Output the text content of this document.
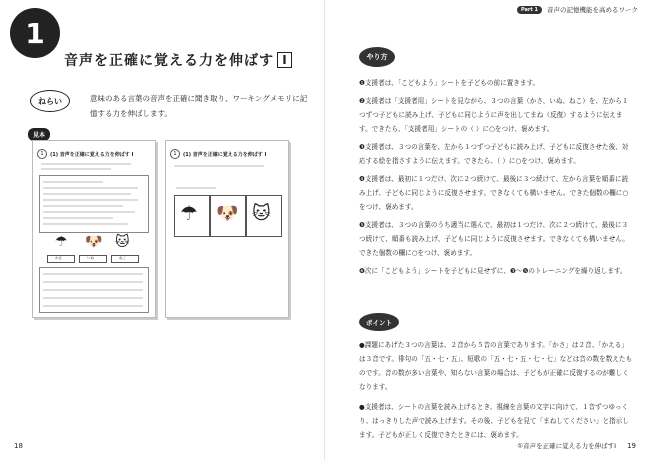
1
音声を正確に覚える力を伸ばす I
ねらい	意味のある言葉の音声を正確に聞き取り、ワーキングメモリに記憶する力を伸ばします。
見本
1	(1) 音声を正確に覚える力を伸ばす I
☂ 🐶 🐱
かさ	いぬ	ねこ
1	(1) 音声を正確に覚える力を伸ばす I
☂ 🐶 🐱
18
Part 1	音声の記憶機能を高めるワーク
やり方
❶支援者は、「こどもよう」シートを子どもの前に置きます。
❷支援者は「支援者用」シートを見ながら、３つの言葉（かさ、いぬ、ねこ）を、左から１つずつ子どもに読み上げ、子どもに同じように声を出してまね（反復）するように伝えます。できたら、「支援者用」シートの（ ）に○をつけ、褒めます。
❸支援者は、３つの言葉を、左から１つずつ子どもに読み上げ、子どもに反復させた後、対応する絵を指さすように伝えます。できたら、（ ）に○をつけ、褒めます。
❹支援者は、最初に１つだけ、次に２つ続けて、最後に３つ続けて、左から言葉を順番に読み上げ、子どもに同じように反復させます。できなくても構いません。できた個数の欄に○をつけ、褒めます。
❺支援者は、３つの言葉のうち適当に選んで、最初は１つだけ、次に２つ続けて、最後に３つ続けて、順番も読み上げ、子どもに同じように反復させます。できなくても構いません。できた個数の欄に○をつけ、褒めます。
❻次に「こどもよう」シートを子どもに見せずに、❸〜❺のトレーニングを繰り返します。
ポイント
●課題にあげた３つの言葉は、２音から５音の言葉であります。「かさ」は２音、「かえる」は３音です。俳句の「五・七・五」、短歌の「五・七・五・七・七」などは音の数を数えたものです。音の数が多い言葉や、知らない言葉の場合は、子どもが正確に反復するのが難しくなります。
●支援者は、シートの言葉を読み上げるとき、視線を言葉の文字に向けて、１音ずつゆっくり、はっきりした声で読み上げます。その後、子どもを見て「まねしてください」と指示します。子どもが正しく反復できたときには、褒めます。
①音声を正確に覚える力を伸ばすⅠ 19
